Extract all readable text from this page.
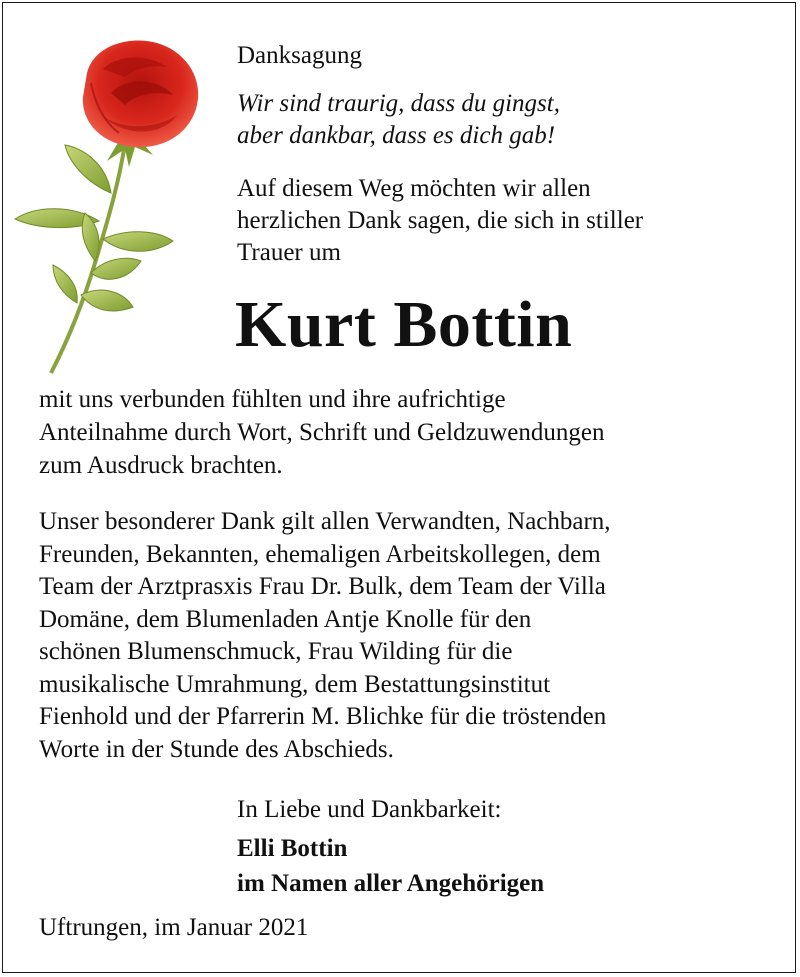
Danksagung
Wir sind traurig, dass du gingst,
aber dankbar, dass es dich gab!
Auf diesem Weg möchten wir allen
herzlichen Dank sagen, die sich in stiller
Trauer um
Kurt Bottin
mit uns verbunden fühlten und ihre aufrichtige
Anteilnahme durch Wort, Schrift und Geldzuwendungen
zum Ausdruck brachten.
Unser besonderer Dank gilt allen Verwandten, Nachbarn,
Freunden, Bekannten, ehemaligen Arbeitskollegen, dem
Team der Arztprasxis Frau Dr. Bulk, dem Team der Villa
Domäne, dem Blumenladen Antje Knolle für den
schönen Blumenschmuck, Frau Wilding für die
musikalische Umrahmung, dem Bestattungsinstitut
Fienhold und der Pfarrerin M. Blichke für die tröstenden
Worte in der Stunde des Abschieds.
In Liebe und Dankbarkeit:
Elli Bottin
im Namen aller Angehörigen
Uftrungen, im Januar 2021
